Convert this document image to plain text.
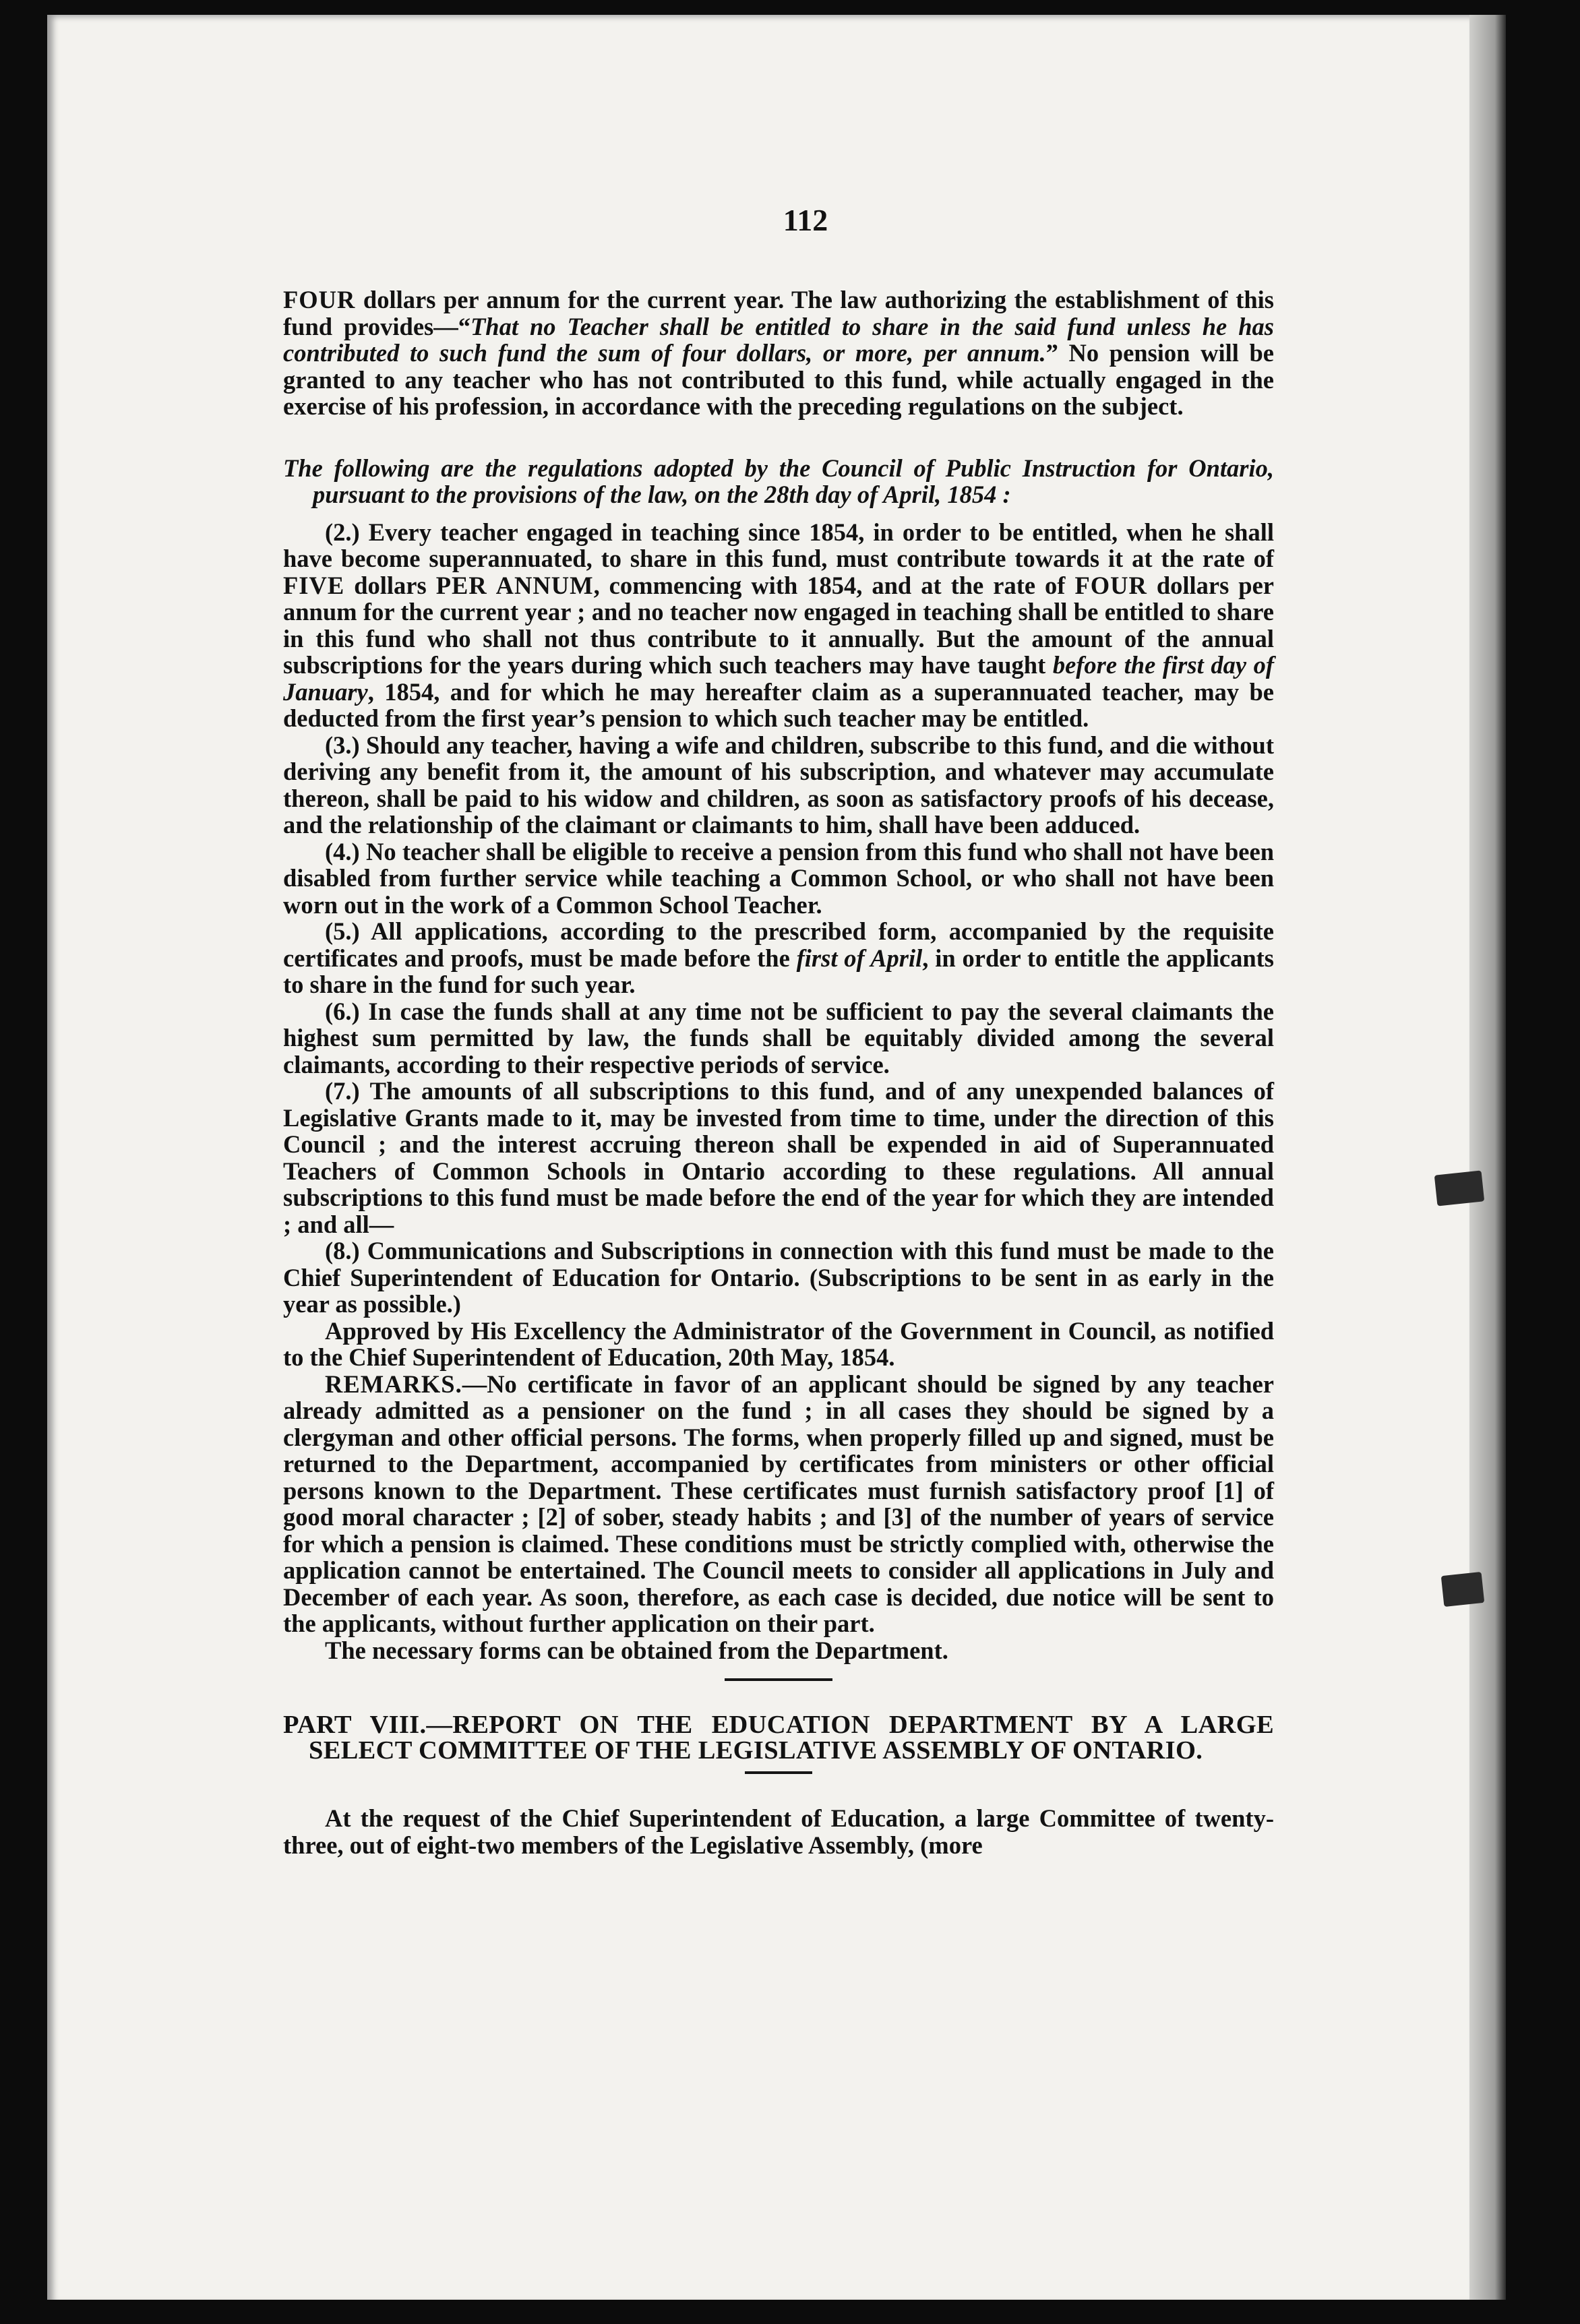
112

FOUR dollars per annum for the current year. The law authorizing the establishment of this fund provides—“That no Teacher shall be entitled to share in the said fund unless he has contributed to such fund the sum of four dollars, or more, per annum.” No pension will be granted to any teacher who has not contributed to this fund, while actually engaged in the exercise of his profession, in accordance with the preceding regulations on the subject.

The following are the regulations adopted by the Council of Public Instruction for Ontario, pursuant to the provisions of the law, on the 28th day of April, 1854 :

(2.) Every teacher engaged in teaching since 1854, in order to be entitled, when he shall have become superannuated, to share in this fund, must contribute towards it at the rate of FIVE dollars PER ANNUM, commencing with 1854, and at the rate of FOUR dollars per annum for the current year ; and no teacher now engaged in teaching shall be entitled to share in this fund who shall not thus contribute to it annually. But the amount of the annual subscriptions for the years during which such teachers may have taught before the first day of January, 1854, and for which he may hereafter claim as a superannuated teacher, may be deducted from the first year’s pension to which such teacher may be entitled.

(3.) Should any teacher, having a wife and children, subscribe to this fund, and die without deriving any benefit from it, the amount of his subscription, and whatever may accumulate thereon, shall be paid to his widow and children, as soon as satisfactory proofs of his decease, and the relationship of the claimant or claimants to him, shall have been adduced.

(4.) No teacher shall be eligible to receive a pension from this fund who shall not have been disabled from further service while teaching a Common School, or who shall not have been worn out in the work of a Common School Teacher.

(5.) All applications, according to the prescribed form, accompanied by the requisite certificates and proofs, must be made before the first of April, in order to entitle the applicants to share in the fund for such year.

(6.) In case the funds shall at any time not be sufficient to pay the several claimants the highest sum permitted by law, the funds shall be equitably divided among the several claimants, according to their respective periods of service.

(7.) The amounts of all subscriptions to this fund, and of any unexpended balances of Legislative Grants made to it, may be invested from time to time, under the direction of this Council ; and the interest accruing thereon shall be expended in aid of Superannuated Teachers of Common Schools in Ontario according to these regulations. All annual subscriptions to this fund must be made before the end of the year for which they are intended ; and all—

(8.) Communications and Subscriptions in connection with this fund must be made to the Chief Superintendent of Education for Ontario. (Subscriptions to be sent in as early in the year as possible.)

Approved by His Excellency the Administrator of the Government in Council, as notified to the Chief Superintendent of Education, 20th May, 1854.

REMARKS.—No certificate in favor of an applicant should be signed by any teacher already admitted as a pensioner on the fund ; in all cases they should be signed by a clergyman and other official persons. The forms, when properly filled up and signed, must be returned to the Department, accompanied by certificates from ministers or other official persons known to the Department. These certificates must furnish satisfactory proof [1] of good moral character ; [2] of sober, steady habits ; and [3] of the number of years of service for which a pension is claimed. These conditions must be strictly complied with, otherwise the application cannot be entertained. The Council meets to consider all applications in July and December of each year. As soon, therefore, as each case is decided, due notice will be sent to the applicants, without further application on their part.

The necessary forms can be obtained from the Department.

PART VIII.—REPORT ON THE EDUCATION DEPARTMENT BY A LARGE SELECT COMMITTEE OF THE LEGISLATIVE ASSEMBLY OF ONTARIO.

At the request of the Chief Superintendent of Education, a large Committee of twenty-three, out of eight-two members of the Legislative Assembly, (more
